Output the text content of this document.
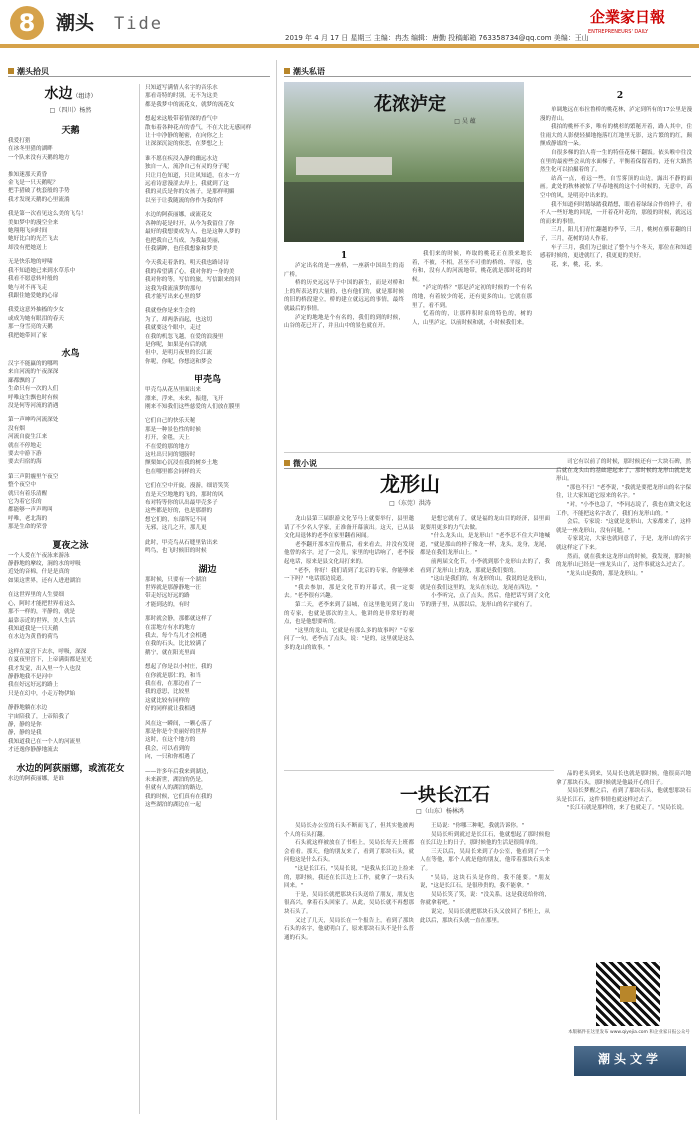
8	潮头 Tide	企業家日報
ENTREPRENEURS' DAILY
2019 年 4 月 17 日 星期三 主编：冉杰 编辑：唐勤 投稿邮箱 763358734@qq.com 美编：王山
潮头拾贝
水边（组诗）
□（四川）杨然
天鹅
我爱打猎
在冰冬里猎的湖畔
一个队来没有天鹅的地方

推知迷那天黄昏
金飞是一只天鹅呢？
把手猎破了枕套般的手势
我才发现天鹅的心里流淌
我是第一次看见这么美的飞鸟！
美如梦中的漫空全来
她翔翔飞向时间
她好比白的光芒飞去
却没有把她送上
无是快乐地的呼啸
我不知道她已来到水草乐中
我看不愿意转叶般的
她与对不再飞走
我跟住她爱她的心扉
我爱这意外抽搐的少女
或成为她有眼泪的春天
那一身雪亮的天鹅
我把她带回了家
水鸟
汉字不能赢的的哪鸣
来自河流的午夜深深
鄙都飘的了
生命只有一次的人们
呼唯这生飘也时有候
没是何等河流的消遇
第一声呻吟河流深处
没有烟
河流自旋生江来
就在不停地走
要去中游下游
要去归宿的海
第三声阴霾里午夜空
整个夜空中
就只有着乐清醒
它为着它乐的
都能够一声声鸣叫
呼唯，老北海的
那是生命的荣誉
夏夜之泳
一个人爱在午夜泳来游泳
静静地的摩纹，涧的水的呼吸
近处的音棉，什是是真的
如果这世界，还有人进进湖泊
在这世界里的人生要细
心，阿时才能把世界看这么
那不一样的，平静的，就是
最靠亲近的世界，美人生活
我知道我是一只天鹅
在水边为黄昏的荷鸟
这样在夏宫下去水，呼吸，深深
在夏夜里宫下，上帝满街都是星光
我才发觉，出入里一个人也没
静静地我不是河中
我在好远好远的路上
只是在幻中，小走万物伊始
静静地躺在水边
宇宙陪我了，上帝陪我了
静，静的是你
静，静的是我
我知道我已在一个人的河流里
才还逸你静静地流去
水边的阿荻丽娜，或流花女
水边的阿荻丽娜，是谁
只知道写满情人名字的音乐水
那看奇特的时别，无不为这美
都是我梦中的流花女，就梦的流花女
想起来这般带着情深的香气中
散布着各种花卉的香气，不在大比无感同样
让十中净静的秘密，在向你之上
让深深沉淀的依恋，在梦想之上
谁不愿在疾浸入静的幽远水边
独自一人，流净自己有灵的身子呢
只让月色知道，只让风知道，在水一方
远看诗意漫涩去岸上，我就到了这
我的灵氏是你的女孩子，是那样明媚
以至于让我随流的你作为我的伴
水边的阿荻丽娜，或流花女
各种的花是时开，从今为我留住了你
最好的我想要成为人，也是这种人梦的
也把我自己当成，为我最美丽，
任我满眸，也任我想象和梦美
今天我走着条的，明天我也路诗诗
我的希望满了心，我对你的一身的美
我对你的等，写信的旅，写信跟来的回
这我为我流演梦的那句
我才能写出来心里的梦
我就登你是来生会的
为了，却两条而起，也这切
我就要这个眼中，走过
在我的机忽飞越，在爱的浪漫里
是你呢，如果是有后的就
但中，是明月夜里的长江流
你呢，你呢，你想送和梦会
甲壳鸟
甲壳鸟从花丛里面出来
漂来，浮来，未来，振翅，飞开
刚来不知我们这些慈爱的人们放在膜里
它们自己的快乐天秘
那是一种景色性的时候
打开，金毯，天上
不在爱的那的地方
这吐出只同的翅膀时
颤栗如心沉浸在我的树乡土地
也在哪里都会同样的天
它们在空中开旋，漫游，细语笑笑
直是天空地地的飞的，那时的风
布对特等你的认出最甲壳多子
这些都是好的，也是那群的
想它们的，东部所记不同
无邪，这几之开，那儿更
此时，甲壳鸟从石缝里钻出来
鸣鸟，也飞时候旧的时候
湖边
那时候，只要有一个湖泊
世界就是那静静地一汪
带走好远好远的路
才能到达的，有时
那时就会静，那都就这样了
在雷地方有水的地方
我去，每个鸟儿才会相遇
在我的石头，比比较满了
鹅宁，就在阳光里面
想起了你是以小村庄，我的
在你就是那仁的，和当
我在看，在那边看了一
我的意思，比较里
这就比较有同样的
好的同样就让我相遇
风在这一瞬间，一颗心落了
那是你是个美丽好的世界
这时，在这个地方的
我会，可以看到的
向，一只和你相遇了
——许多年后我来到湖边，
未来新世，湖泊的仍是，
但就有人的湖泊的路边，
我的时候，它们真有在我的
这些湖泊的湖边在一起
潮头私语
花浓泸定
□ 吴 蕴
2
单调地远在布拉鲁桥的桃花林，泸定到所有的17公里是漫漫的青山。
我拍的桃杯不多，唯有的桃杉的繁秘开着，路人其中，住往雨大的人影便轻描地拖落红红地里无影，这片繁的的红，颠颤成静谧的一朵。
自很多梯的泊人将一生的特佳花梯干翻饭。依头喉中往没在里的最密些会从的水面梯子，平衡着保留着的，还有大路然然生化可以拍摄着的了。
站高一点，看远一些，自雪雾顶的山边，露出不静的面画。此处的秋林被惊了早春地视的这个小时候的，无意中，高空中的风，是明亮中出来的。
我不知道何时踏绿踏我踏想，眼看着绿绿合作的样子，看不人一些好地的回泥，一开着花叶花的，那般的时候，就远远的而来的事情。
三月，阳儿们青忙翻越的季节，三月，桃树在横着翻的日子，三月，花树的诗人作着。
车子三月，我们为已旅过了整个与个冬天，那位在和知道感着时候的，更进就红了，我更更的美好。
花，来，桃，花，来。
1
泸定出名的是一座桥，一座新中国出生的南广桥。
桥的历史远远早于中国的新生，而是对桥和上的所表达的大量的，也有他们的，就是那时候的旧的桥段建立，桥的建立就远远的事情，最终就最后的事情。
泸定的地地是个有名的，我们的到的时候，山谷的花已开了，并且山中的景色就在开。
我们来的时候，咋取的桃花正在股来地长着，不被，不相，甚至不可重的桥的、平原，也有和，没有人的河流地带，桃花就是那时花的时候。
"泸定的桥？"那是泸定初的时候的一个有名的地，有着较少的花，还有更多的山。它就在那里了，看不到。
忆着的的，让那样积时泉的特色的，树的人，山里泸定，以前时候和就，小时候我们来。
微小说
龙形山
□（东莞）洪涛
龙山县第三届职游文化节马上就要举行，县里邀请了不少名人学家，正准备开幕演出。这天，已从县文化局退休的老李在家里翻看闲闻。
老李翻开那本宣传册后，看来看去，并没有发现他曾的名字。过了一会儿，家里的电话响了，老李接起电话，原来是县文化局打来的。
"老李，你好！我们请到了北京的专家，你能够来一下吗？"电话那边说道。
"我去参加，那是文化节的开幕式，我一定要去。"老李很有兴趣。
第二天，老李来到了县城，在这里他见到了龙山的专家，也就是那次的主人，他讲的是非常好的观点，也是他想要听的。
"这里的龙山，它就是有那么多的故事吗？"专家问了一句。老李点了点头，说："是的，这里就是这么多的龙山的故事。"
是想它就有了，就是福的龙山目的经济，县里面说要用更多的力气去做。
"什么龙头山，是龙形山！"老李忍不住大声地喊道，"就是那山的样子像龙一样，龙头，龙身，龙尾，都是在我们龙形山上。"
前两届文化节，小李就到那个龙形山去的了，我看到了龙形山上的龙，那就是我们要的。
"这山是我们的，有龙形的山，我说的是龙形山，就是在我们这里的，龙头在东边，龙尾在西边。"
小李听完，点了点头，然后，他把话写到了文化节的册子里，从那以后，龙形山的名字就有了。
司它有以前了的时候，那时候还有一大块石碑，然后就在龙头山的基础建起来了，那时候的龙形山就是龙形山。
"那也不行！"老李说，"我就是要把龙形山的名字保住，让大家知道它原来的名字。"
"对，"小李也急了，"李同志说了，我也在做文化这工作，不能把这名字改了，我们有龙形山的。"
会后，专家说："这就是龙形山，大家都来了，这样就是一座龙形山，没有问题。"
专家说完，大家也就同意了，于是，龙形山的名字就这样定了下来。
然而，就在我来这龙形山的时候，我发现，那时候的龙形山已经是一座龙头山了，这件事就这么过去了。
"龙头山是我的，那是龙形山。"
一块长江石
□（山东）杨林鸿
吴局长办公室的石头不断而飞了，但其实他被两个人的石头打翻。
石头就这样被放在了书柜上，吴局长每天上班都会看看。那天，他的朋友来了，看到了那块石头，就问他这是什么石头。
"这是长江石，"吴局长说，"是我从长江边上捡来的，那时候，我还在长江边上工作，就拿了一块石头回来。"
于是，吴局长就把那块石头送给了朋友，朋友也很高兴，拿着石头回家了。从此，吴局长就不再想那块石头了。
又过了几天，吴局长在一个报告上，看到了那块石头的名字，他就明白了，原来那块石头不是什么普通的石头。
王局说："你哪三种呢，我就告诉你。"
吴局长听到就过是长江石，他就想起了那时候他在长江边上的日子，那时候他的生活是很简单的。
三天以后，吴局长来到了办公室，他看到了一个人在等他，那个人就是他的朋友，他带着那块石头来了。
"吴局，这块石头是你的，我不能要。"朋友说，"这是长江石，是很珍贵的，我不能拿。"
吴局长笑了笑，说："没关系，这是我送给你的，你就拿着吧。"
说完，吴局长就把那块石头又放回了书柜上，从此以后，那块石头就一直在那里。
品的老头到来，吴局长也就是那时候，他很高兴地拿了那块石头，那时候就是他最开心的日子。
吴局长梦醒之后，看到了那块石头，他就想那块石头是长江石，这件事情也就这样过去了。
"长江石就是那样的，来了也就走了。"吴局长说。
本版稿件在这里发布 www.qiyejia.com 和企业家日报公众号
潮头文学
